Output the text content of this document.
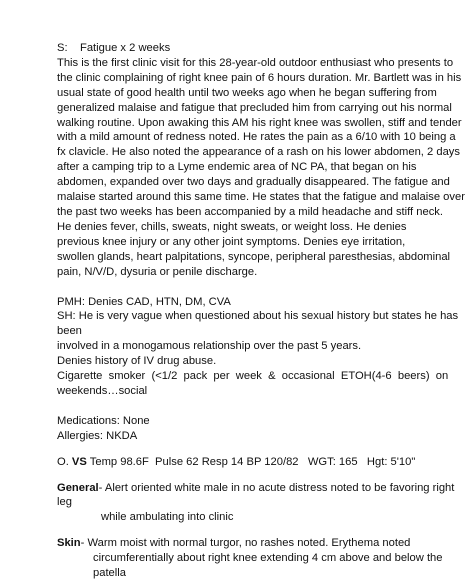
S:    Fatigue x 2 weeks
This is the first clinic visit for this 28-year-old outdoor enthusiast who presents to
the clinic complaining of right knee pain of 6 hours duration. Mr. Bartlett was in his
usual state of good health until two weeks ago when he began suffering from
generalized malaise and fatigue that precluded him from carrying out his normal
walking routine. Upon awaking this AM his right knee was swollen, stiff and tender
with a mild amount of redness noted. He rates the pain as a 6/10 with 10 being a
fx clavicle. He also noted the appearance of a rash on his lower abdomen, 2 days
after a camping trip to a Lyme endemic area of NC PA, that began on his
abdomen, expanded over two days and gradually disappeared. The fatigue and
malaise started around this same time. He states that the fatigue and malaise over
the past two weeks has been accompanied by a mild headache and stiff neck.
He denies fever, chills, sweats, night sweats, or weight loss. He denies
previous knee injury or any other joint symptoms. Denies eye irritation,
swollen glands, heart palpitations, syncope, peripheral paresthesias, abdominal
pain, N/V/D, dysuria or penile discharge.
PMH: Denies CAD, HTN, DM, CVA
SH: He is very vague when questioned about his sexual history but states he has
been
involved in a monogamous relationship over the past 5 years.
Denies history of IV drug abuse.
Cigarette  smoker  (<1/2  pack  per  week  &  occasional  ETOH(4-6  beers)  on
weekends…social
Medications: None
Allergies: NKDA
O. VS Temp 98.6F  Pulse 62 Resp 14 BP 120/82   WGT: 165   Hgt: 5'10"
General- Alert oriented white male in no acute distress noted to be favoring right
leg
while ambulating into clinic
Skin- Warm moist with normal turgor, no rashes noted. Erythema noted
circumferentially about right knee extending 4 cm above and below the
patella
